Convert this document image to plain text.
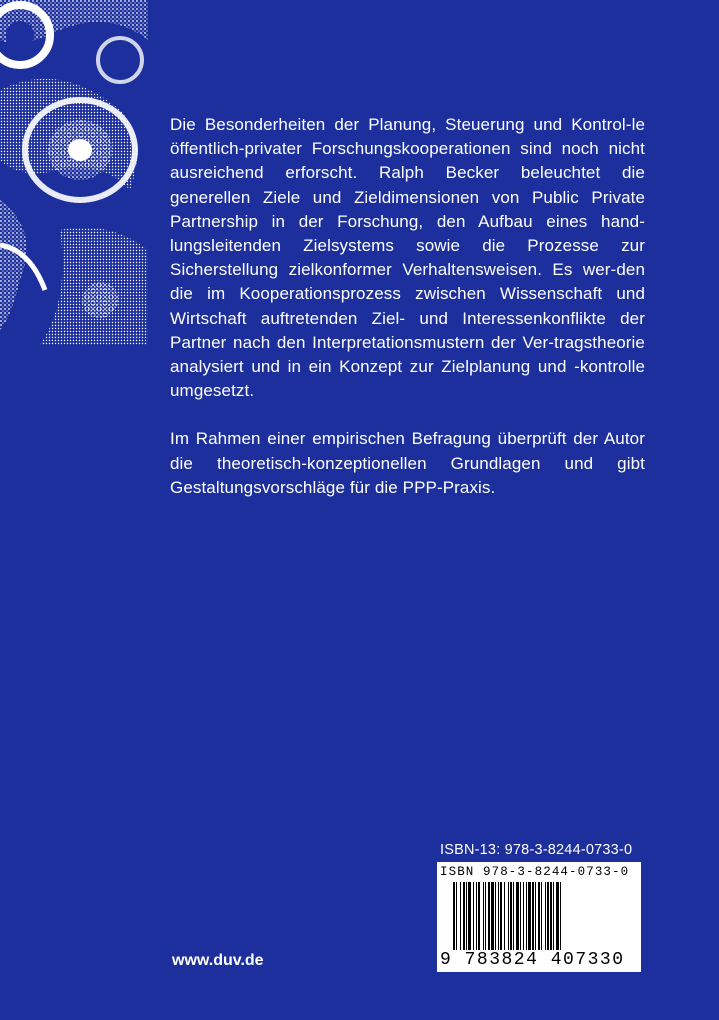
Die Besonderheiten der Planung, Steuerung und Kontrol-le öffentlich-privater Forschungskooperationen sind noch nicht ausreichend erforscht. Ralph Becker beleuchtet die generellen Ziele und Zieldimensionen von Public Private Partnership in der Forschung, den Aufbau eines hand-lungsleitenden Zielsystems sowie die Prozesse zur Sicherstellung zielkonformer Verhaltensweisen. Es wer-den die im Kooperationsprozess zwischen Wissenschaft und Wirtschaft auftretenden Ziel- und Interessenkonflikte der Partner nach den Interpretationsmustern der Ver-tragstheorie analysiert und in ein Konzept zur Zielplanung und -kontrolle umgesetzt.

Im Rahmen einer empirischen Befragung überprüft der Autor die theoretisch-konzeptionellen Grundlagen und gibt Gestaltungsvorschläge für die PPP-Praxis.

ISBN-13: 978-3-8244-0733-0
ISBN 978-3-8244-0733-0
9 783824 407330
www.duv.de
